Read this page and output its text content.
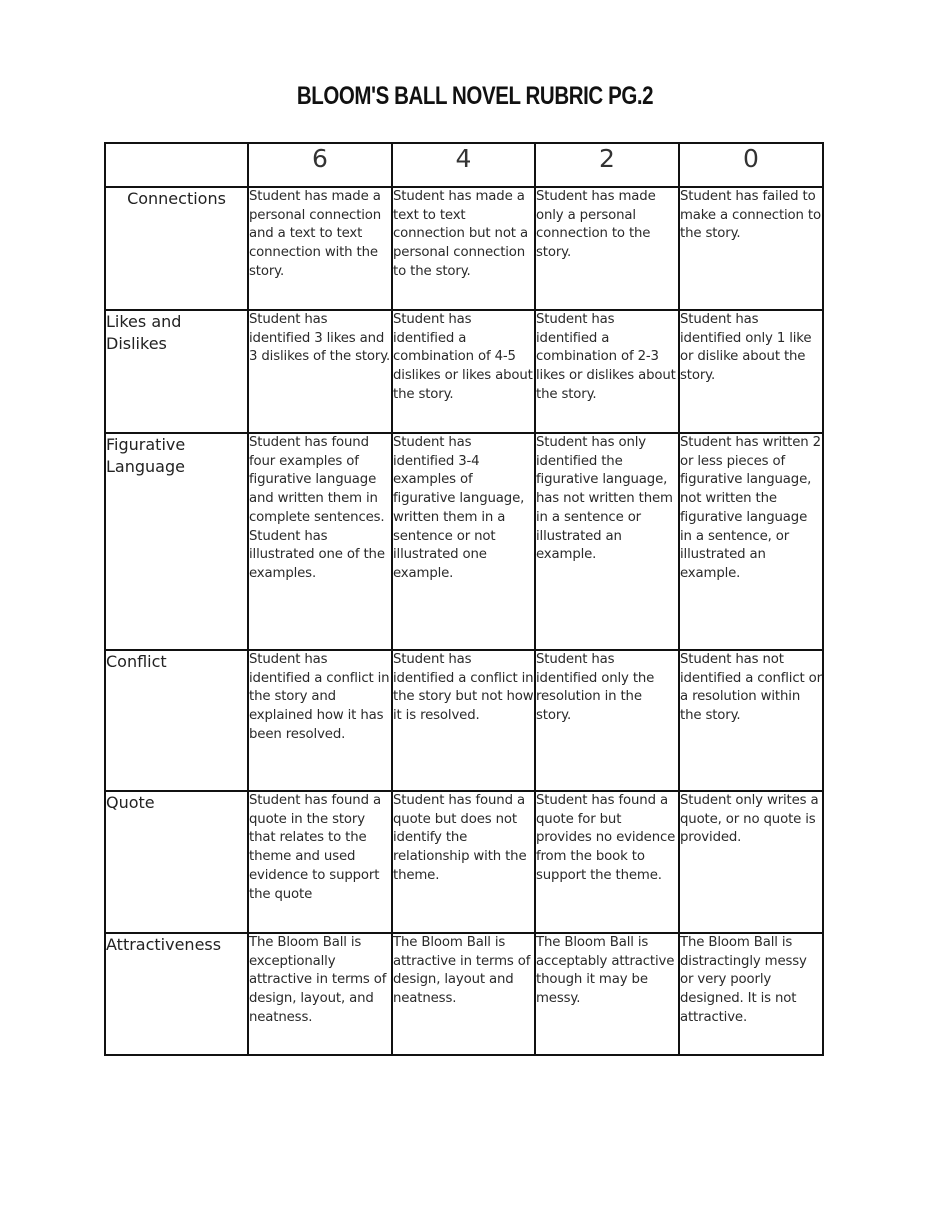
BLOOM'S BALL NOVEL RUBRIC PG.2
	6	4	2	0
Connections	Student has made a personal connection and a text to text connection with the story.	Student has made a text to text connection but not a personal connection to the story.	Student has made only a personal connection to the story.	Student has failed to make a connection to the story.
Likes and Dislikes	Student has identified 3 likes and 3 dislikes of the story.	Student has identified a combination of 4-5 dislikes or likes about the story.	Student has identified a combination of 2-3 likes or dislikes about the story.	Student has identified only 1 like or dislike about the story.
Figurative Language	Student has found four examples of figurative language and written them in complete sentences. Student has illustrated one of the examples.	Student has identified 3-4 examples of figurative language, written them in a sentence or not illustrated one example.	Student has only identified the figurative language, has not written them in a sentence or illustrated an example.	Student has written 2 or less pieces of figurative language, not written the figurative language in a sentence, or illustrated an example.
Conflict	Student has identified a conflict in the story and explained how it has been resolved.	Student has identified a conflict in the story but not how it is resolved.	Student has identified only the resolution in the story.	Student has not identified a conflict or a resolution within the story.
Quote	Student has found a quote in the story that relates to the theme and used evidence to support the quote	Student has found a quote but does not identify the relationship with the theme.	Student has found a quote for but provides no evidence from the book to support the theme.	Student only writes a quote, or no quote is provided.
Attractiveness	The Bloom Ball is exceptionally attractive in terms of design, layout, and neatness.	The Bloom Ball is attractive in terms of design, layout and neatness.	The Bloom Ball is acceptably attractive though it may be messy.	The Bloom Ball is distractingly messy or very poorly designed. It is not attractive.
